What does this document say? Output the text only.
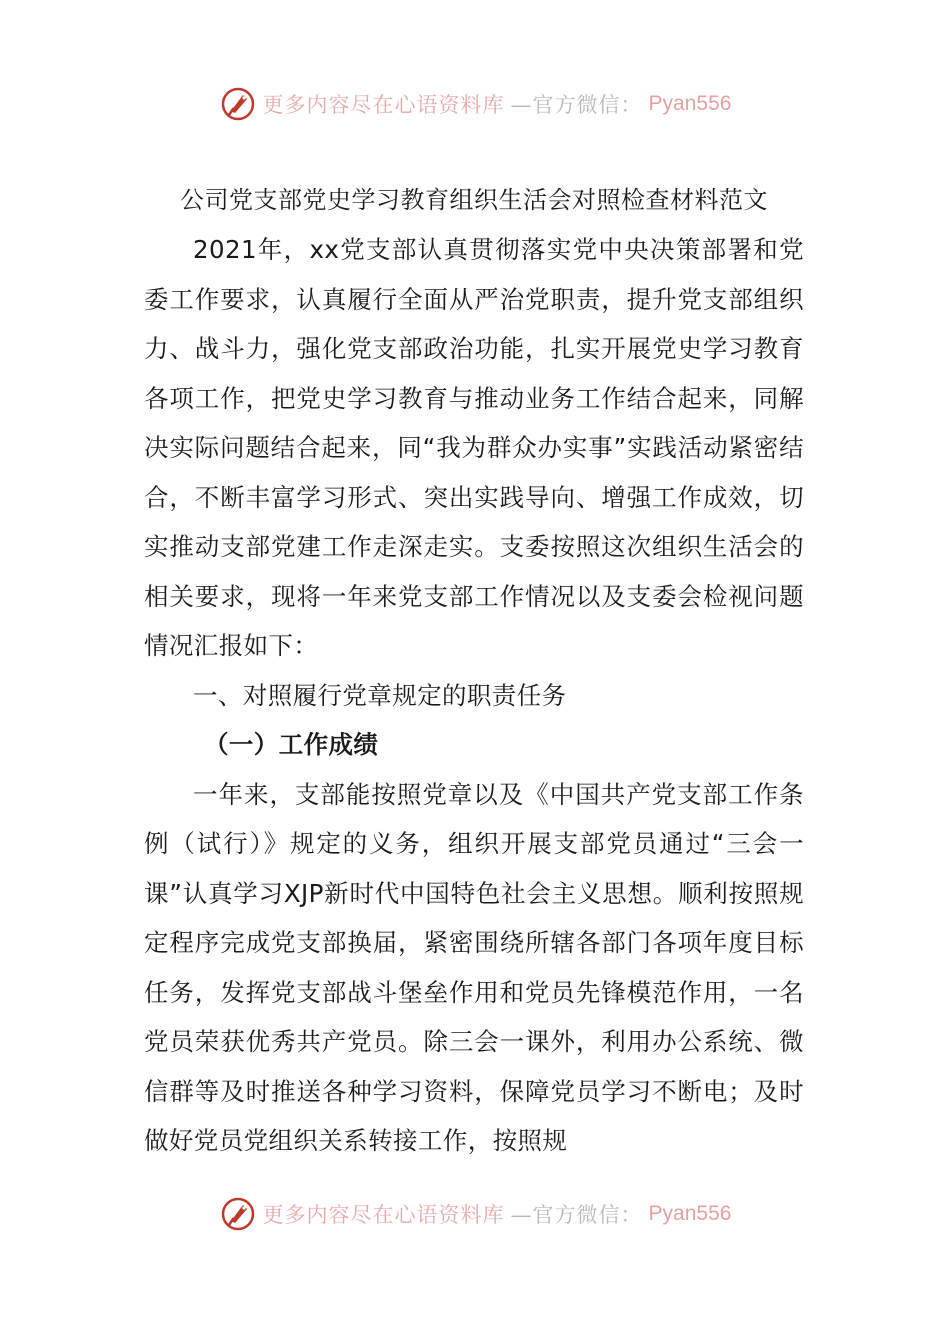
更多内容尽在心语资料库 —官方微信： Pyan556
公司党支部党史学习教育组织生活会对照检查材料范文

2021年，xx党支部认真贯彻落实党中央决策部署和党委工作要求，认真履行全面从严治党职责，提升党支部组织力、战斗力，强化党支部政治功能，扎实开展党史学习教育各项工作，把党史学习教育与推动业务工作结合起来，同解决实际问题结合起来，同“我为群众办实事”实践活动紧密结合，不断丰富学习形式、突出实践导向、增强工作成效，切实推动支部党建工作走深走实。支委按照这次组织生活会的相关要求，现将一年来党支部工作情况以及支委会检视问题情况汇报如下：

一、对照履行党章规定的职责任务

（一）工作成绩

一年来，支部能按照党章以及《中国共产党支部工作条例（试行）》规定的义务，组织开展支部党员通过“三会一课”认真学习XJP新时代中国特色社会主义思想。顺利按照规定程序完成党支部换届，紧密围绕所辖各部门各项年度目标任务，发挥党支部战斗堡垒作用和党员先锋模范作用，一名党员荣获优秀共产党员。除三会一课外，利用办公系统、微信群等及时推送各种学习资料，保障党员学习不断电；及时做好党员党组织关系转接工作，按照规

更多内容尽在心语资料库 —官方微信： Pyan556
